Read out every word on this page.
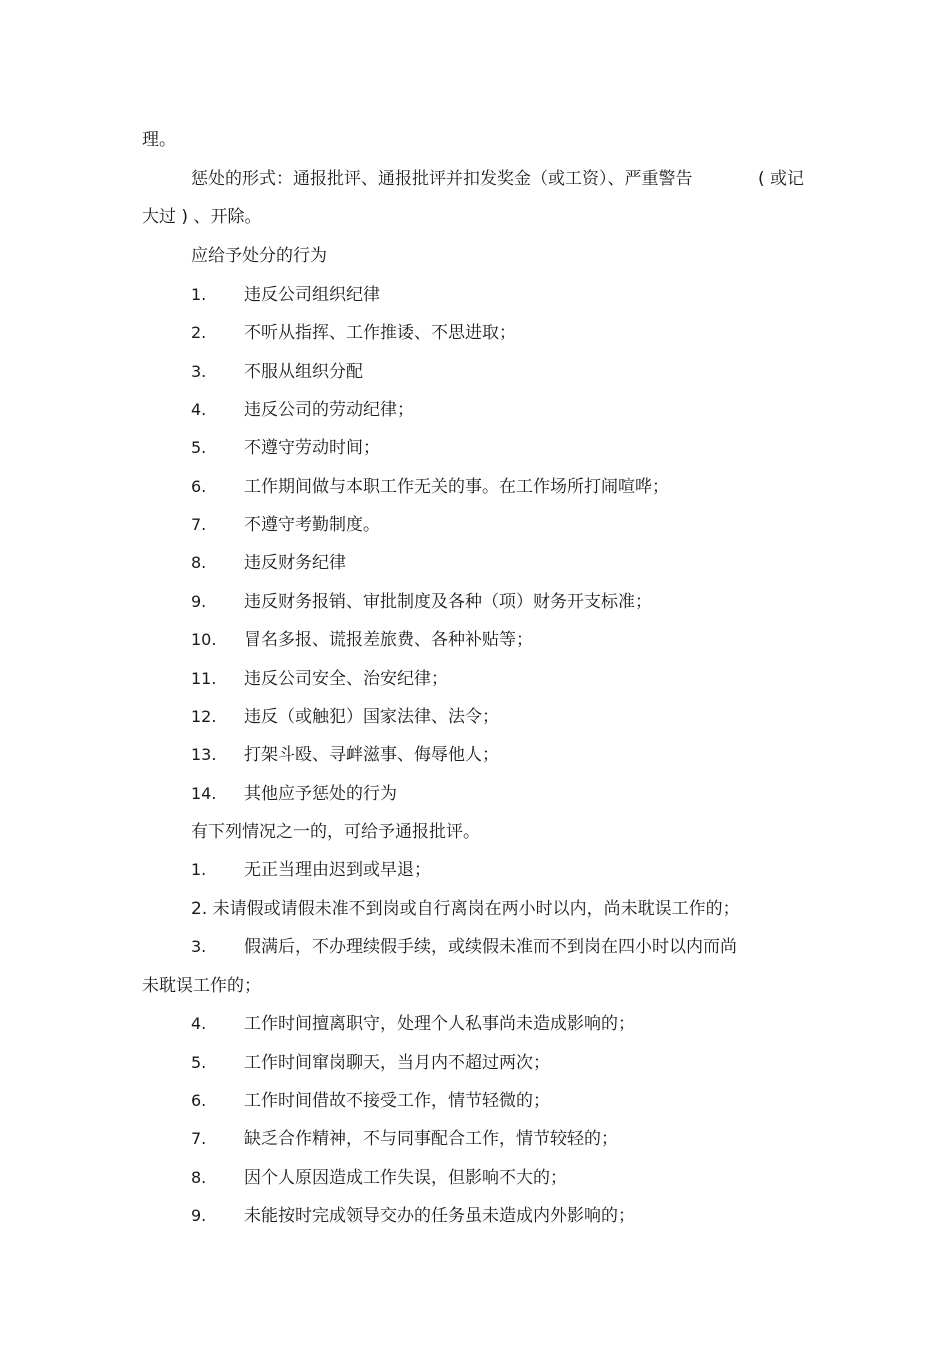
理。
惩处的形式：通报批评、通报批评并扣发奖金（或工资）、严重警告	( 或记
大过 ) 、开除。
应给予处分的行为
1. 违反公司组织纪律
2. 不听从指挥、工作推诿、不思进取；
3. 不服从组织分配
4. 违反公司的劳动纪律；
5. 不遵守劳动时间；
6. 工作期间做与本职工作无关的事。在工作场所打闹喧哗；
7. 不遵守考勤制度。
8. 违反财务纪律
9. 违反财务报销、审批制度及各种（项）财务开支标准；
10. 冒名多报、谎报差旅费、各种补贴等；
11. 违反公司安全、治安纪律；
12. 违反（或触犯）国家法律、法令；
13. 打架斗殴、寻衅滋事、侮辱他人；
14. 其他应予惩处的行为
有下列情况之一的，可给予通报批评。
1. 无正当理由迟到或早退；
2. 未请假或请假未准不到岗或自行离岗在两小时以内，尚未耽误工作的；
3. 假满后，不办理续假手续，或续假未准而不到岗在四小时以内而尚
未耽误工作的；
4. 工作时间擅离职守，处理个人私事尚未造成影响的；
5. 工作时间窜岗聊天，当月内不超过两次；
6. 工作时间借故不接受工作，情节轻微的；
7. 缺乏合作精神，不与同事配合工作，情节较轻的；
8. 因个人原因造成工作失误，但影响不大的；
9. 未能按时完成领导交办的任务虽未造成内外影响的；
